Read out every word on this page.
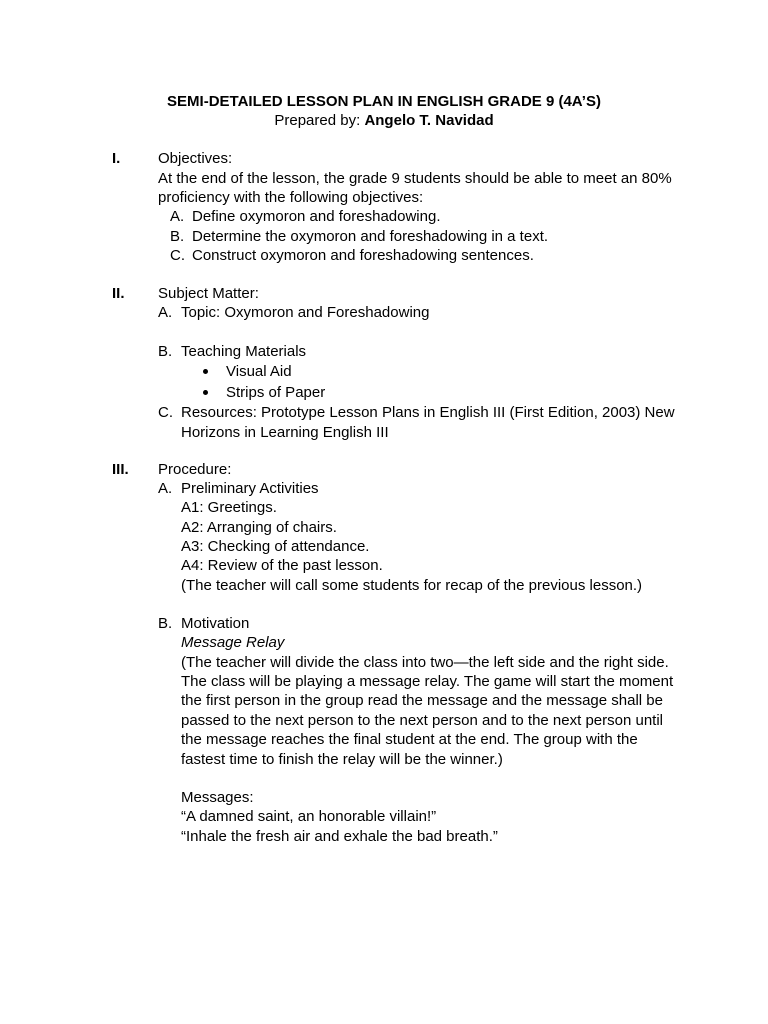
SEMI-DETAILED LESSON PLAN IN ENGLISH GRADE 9 (4A’S)
Prepared by: Angelo T. Navidad
I.	Objectives:
At the end of the lesson, the grade 9 students should be able to meet an 80%
proficiency with the following objectives:
A. Define oxymoron and foreshadowing.
B. Determine the oxymoron and foreshadowing in a text.
C. Construct oxymoron and foreshadowing sentences.
II. Subject Matter:
A. Topic: Oxymoron and Foreshadowing
B. Teaching Materials
Visual Aid
Strips of Paper
C. Resources: Prototype Lesson Plans in English III (First Edition, 2003) New
Horizons in Learning English III
III. Procedure:
A. Preliminary Activities
A1: Greetings.
A2: Arranging of chairs.
A3: Checking of attendance.
A4: Review of the past lesson.
(The teacher will call some students for recap of the previous lesson.)
B. Motivation
Message Relay
(The teacher will divide the class into two—the left side and the right side.
The class will be playing a message relay. The game will start the moment
the first person in the group read the message and the message shall be
passed to the next person to the next person and to the next person until
the message reaches the final student at the end. The group with the
fastest time to finish the relay will be the winner.)
Messages:
“A damned saint, an honorable villain!”
“Inhale the fresh air and exhale the bad breath.”
